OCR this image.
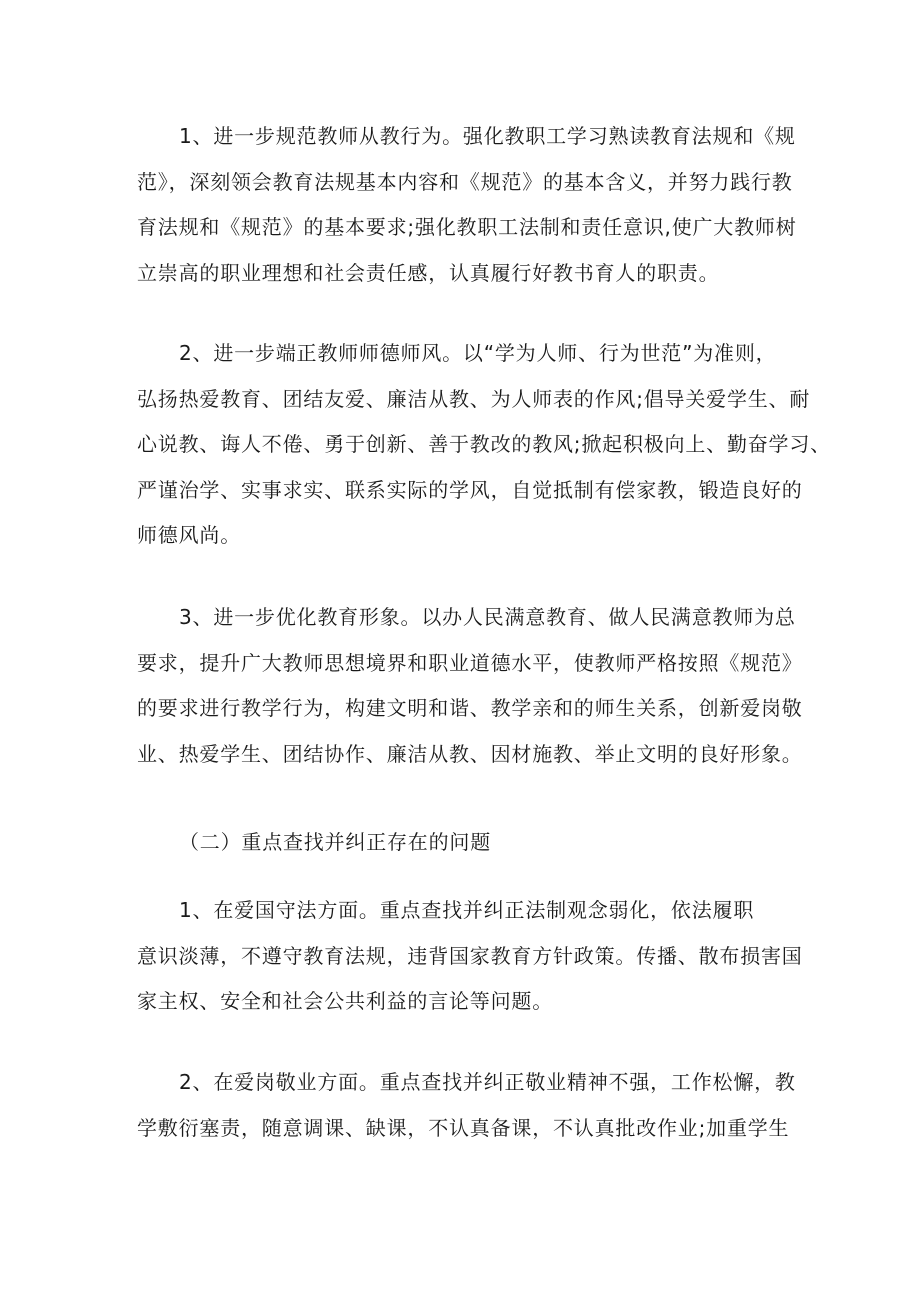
1、进一步规范教师从教行为。强化教职工学习熟读教育法规和《规
范》，深刻领会教育法规基本内容和《规范》的基本含义，并努力践行教
育法规和《规范》的基本要求;强化教职工法制和责任意识,使广大教师树
立崇高的职业理想和社会责任感，认真履行好教书育人的职责。

2、进一步端正教师师德师风。以“学为人师、行为世范”为准则，
弘扬热爱教育、团结友爱、廉洁从教、为人师表的作风;倡导关爱学生、耐
心说教、诲人不倦、勇于创新、善于教改的教风;掀起积极向上、勤奋学习、
严谨治学、实事求实、联系实际的学风，自觉抵制有偿家教，锻造良好的
师德风尚。

3、进一步优化教育形象。以办人民满意教育、做人民满意教师为总
要求，提升广大教师思想境界和职业道德水平，使教师严格按照《规范》
的要求进行教学行为，构建文明和谐、教学亲和的师生关系，创新爱岗敬
业、热爱学生、团结协作、廉洁从教、因材施教、举止文明的良好形象。

（二）重点查找并纠正存在的问题

1、在爱国守法方面。重点查找并纠正法制观念弱化，依法履职
意识淡薄，不遵守教育法规，违背国家教育方针政策。传播、散布损害国
家主权、安全和社会公共利益的言论等问题。

2、在爱岗敬业方面。重点查找并纠正敬业精神不强，工作松懈，教
学敷衍塞责，随意调课、缺课，不认真备课，不认真批改作业;加重学生
